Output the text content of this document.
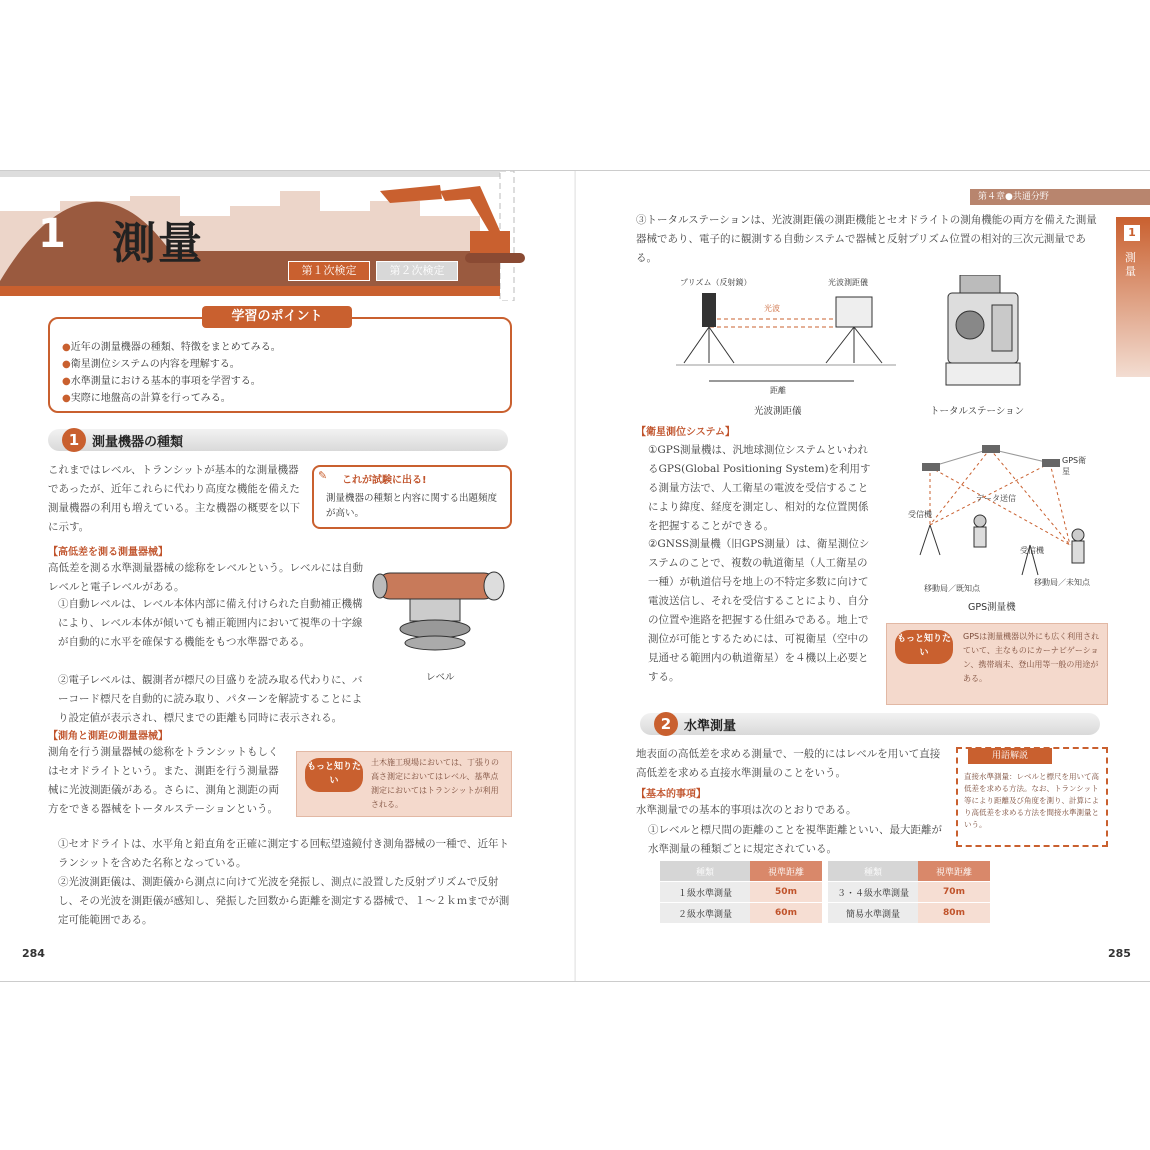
1 測量
第１次検定	第２次検定
学習のポイント
●近年の測量機器の種類、特徴をまとめてみる。
●衛星測位システムの内容を理解する。
●水準測量における基本的事項を学習する。
●実際に地盤高の計算を行ってみる。
1 測量機器の種類
これまではレベル、トランシットが基本的な測量機器であったが、近年これらに代わり高度な機能を備えた測量機器の利用も増えている。主な機器の概要を以下に示す。
これが試験に出る!
測量機器の種類と内容に関する出題頻度が高い。
✎
【高低差を測る測量器械】
高低差を測る水準測量器械の総称をレベルという。レベルには自動レベルと電子レベルがある。
①自動レベルは、レベル本体内部に備え付けられた自動補正機構により、レベル本体が傾いても補正範囲内において視準の十字線が自動的に水平を確保する機能をもつ水準器である。
②電子レベルは、観測者が標尺の目盛りを読み取る代わりに、バーコード標尺を自動的に読み取り、パターンを解読することにより設定値が表示され、標尺までの距離も同時に表示される。
レベル
【測角と測距の測量器械】
測角を行う測量器械の総称をトランシットもしくはセオドライトという。また、測距を行う測量器械に光波測距儀がある。さらに、測角と測距の両方をできる器械をトータルステーションという。
もっと知りたい
土木施工現場においては、丁張りの高さ測定においてはレベル、基準点測定においてはトランシットが利用される。
①セオドライトは、水平角と鉛直角を正確に測定する回転望遠鏡付き測角器械の一種で、近年トランシットを含めた名称となっている。
②光波測距儀は、測距儀から測点に向けて光波を発振し、測点に設置した反射プリズムで反射し、その光波を測距儀が感知し、発振した回数から距離を測定する器械で、１～２ｋｍまでが測定可能範囲である。
284
第４章●共通分野
1
測量
③トータルステーションは、光波測距儀の測距機能とセオドライトの測角機能の両方を備えた測量器械であり、電子的に観測する自動システムで器械と反射プリズム位置の相対的三次元測量である。
プリズム（反射鏡）	光波測距儀
光波
距離
光波測距儀	トータルステーション
【衛星測位システム】
①GPS測量機は、汎地球測位システムといわれるGPS(Global Positioning System)を利用する測量方法で、人工衛星の電波を受信することにより緯度、経度を測定し、相対的な位置関係を把握することができる。
②GNSS測量機（旧GPS測量）は、衛星測位システムのことで、複数の軌道衛星（人工衛星の一種）が軌道信号を地上の不特定多数に向けて電波送信し、それを受信することにより、自分の位置や進路を把握する仕組みである。地上で測位が可能とするためには、可視衛星（空中の見通せる範囲内の軌道衛星）を４機以上必要とする。
GPS衛星
データ送信
受信機
受信機
移動局／既知点
移動局／未知点
GPS測量機
もっと知りたい
GPSは測量機器以外にも広く利用されていて、主なものにカーナビゲーション、携帯端末、登山用等一般の用途がある。
2 水準測量
地表面の高低差を求める測量で、一般的にはレベルを用いて直接高低差を求める直接水準測量のことをいう。
【基本的事項】
水準測量での基本的事項は次のとおりである。
①レベルと標尺間の距離のことを視準距離といい、最大距離が水準測量の種類ごとに規定されている。
用語解説
直接水準測量：レベルと標尺を用いて高低差を求める方法。なお、トランシット等により距離及び角度を測り、計算により高低差を求める方法を間接水準測量という。
種類	視準距離	種類	視準距離
１級水準測量	50m	３・４級水準測量	70m
２級水準測量	60m	簡易水準測量	80m
285
